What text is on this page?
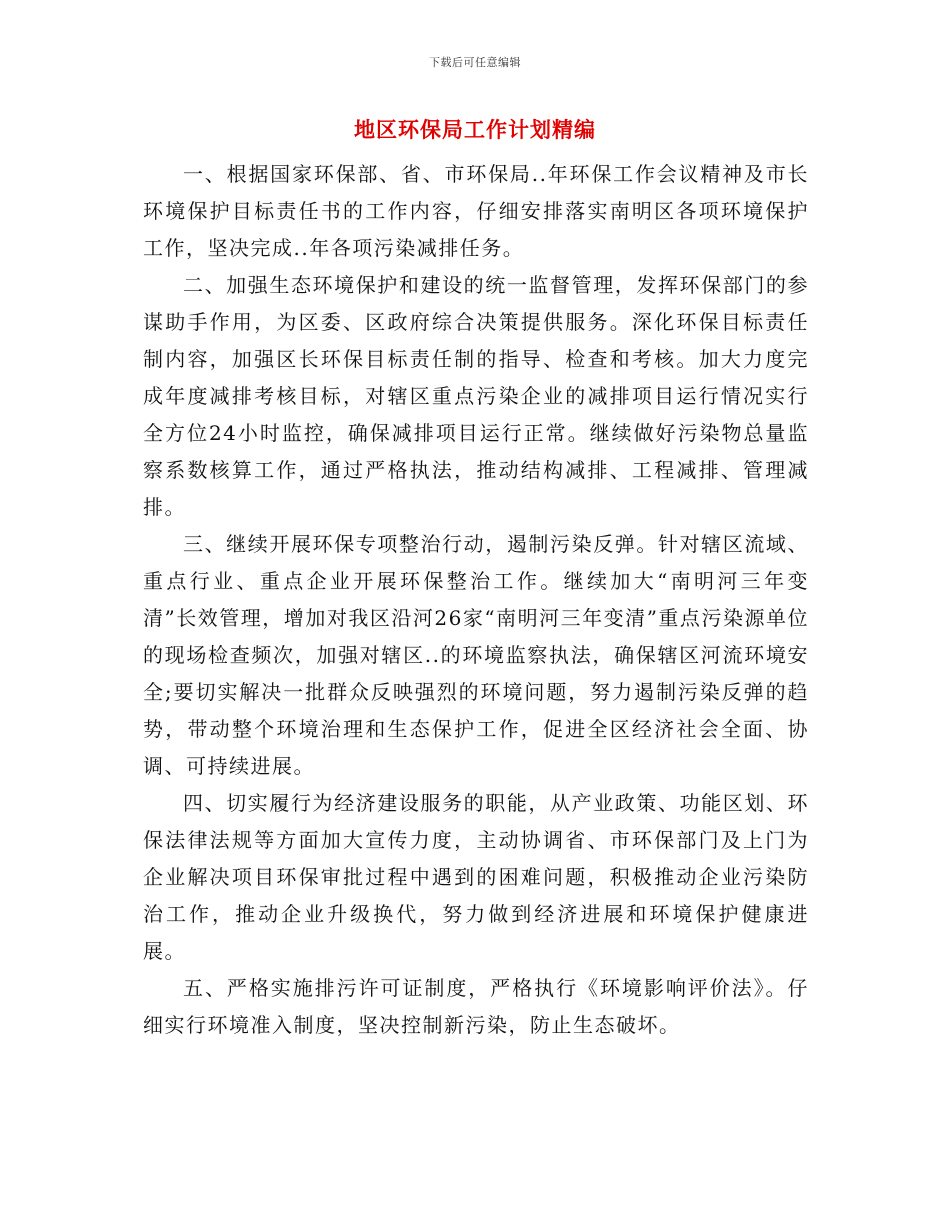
下载后可任意编辑
地区环保局工作计划精编

一、根据国家环保部、省、市环保局..年环保工作会议精神及市长环境保护目标责任书的工作内容，仔细安排落实南明区各项环境保护工作，坚决完成..年各项污染减排任务。

二、加强生态环境保护和建设的统一监督管理，发挥环保部门的参谋助手作用，为区委、区政府综合决策提供服务。深化环保目标责任制内容，加强区长环保目标责任制的指导、检查和考核。加大力度完成年度减排考核目标，对辖区重点污染企业的减排项目运行情况实行全方位24小时监控，确保减排项目运行正常。继续做好污染物总量监察系数核算工作，通过严格执法，推动结构减排、工程减排、管理减排。

三、继续开展环保专项整治行动，遏制污染反弹。针对辖区流域、重点行业、重点企业开展环保整治工作。继续加大“南明河三年变清”长效管理，增加对我区沿河26家“南明河三年变清”重点污染源单位的现场检查频次，加强对辖区..的环境监察执法，确保辖区河流环境安全;要切实解决一批群众反映强烈的环境问题，努力遏制污染反弹的趋势，带动整个环境治理和生态保护工作，促进全区经济社会全面、协调、可持续进展。

四、切实履行为经济建设服务的职能，从产业政策、功能区划、环保法律法规等方面加大宣传力度，主动协调省、市环保部门及上门为企业解决项目环保审批过程中遇到的困难问题，积极推动企业污染防治工作，推动企业升级换代，努力做到经济进展和环境保护健康进展。

五、严格实施排污许可证制度，严格执行《环境影响评价法》。仔细实行环境准入制度，坚决控制新污染，防止生态破坏。
